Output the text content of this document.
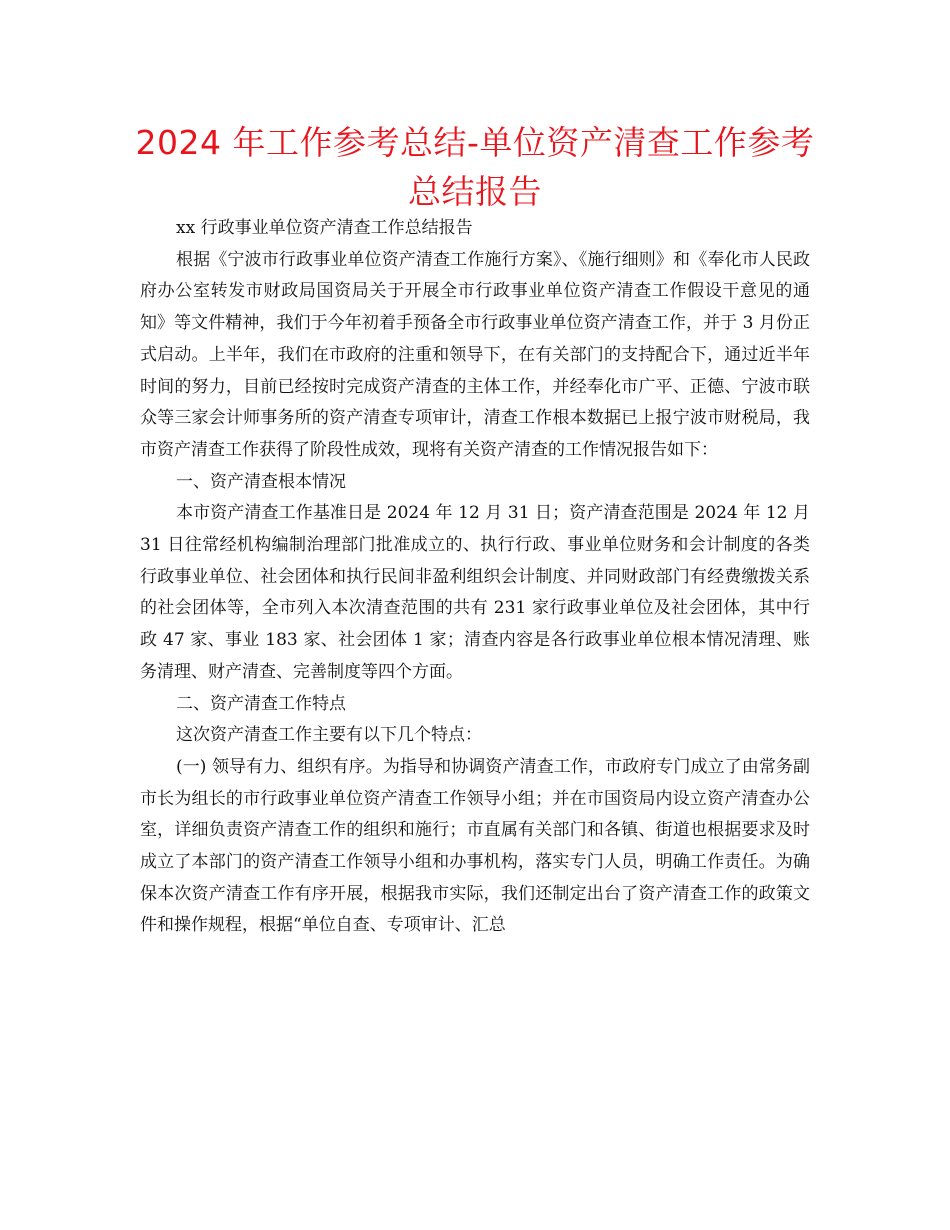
2024 年工作参考总结-单位资产清查工作参考总结报告

xx 行政事业单位资产清查工作总结报告

根据《宁波市行政事业单位资产清查工作施行方案》、《施行细则》和《奉化市人民政府办公室转发市财政局国资局关于开展全市行政事业单位资产清查工作假设干意见的通知》等文件精神，我们于今年初着手预备全市行政事业单位资产清查工作，并于 3 月份正式启动。上半年，我们在市政府的注重和领导下，在有关部门的支持配合下，通过近半年时间的努力，目前已经按时完成资产清查的主体工作，并经奉化市广平、正德、宁波市联众等三家会计师事务所的资产清查专项审计，清查工作根本数据已上报宁波市财税局，我市资产清查工作获得了阶段性成效，现将有关资产清查的工作情况报告如下：

一、资产清查根本情况

本市资产清查工作基准日是 2024 年 12 月 31 日；资产清查范围是 2024 年 12 月 31 日往常经机构编制治理部门批准成立的、执行行政、事业单位财务和会计制度的各类行政事业单位、社会团体和执行民间非盈利组织会计制度、并同财政部门有经费缴拨关系的社会团体等，全市列入本次清查范围的共有 231 家行政事业单位及社会团体，其中行政 47 家、事业 183 家、社会团体 1 家；清查内容是各行政事业单位根本情况清理、账务清理、财产清查、完善制度等四个方面。

二、资产清查工作特点

这次资产清查工作主要有以下几个特点：

(一) 领导有力、组织有序。为指导和协调资产清查工作，市政府专门成立了由常务副市长为组长的市行政事业单位资产清查工作领导小组；并在市国资局内设立资产清查办公室，详细负责资产清查工作的组织和施行；市直属有关部门和各镇、街道也根据要求及时成立了本部门的资产清查工作领导小组和办事机构，落实专门人员，明确工作责任。为确保本次资产清查工作有序开展，根据我市实际，我们还制定出台了资产清查工作的政策文件和操作规程，根据“单位自查、专项审计、汇总
